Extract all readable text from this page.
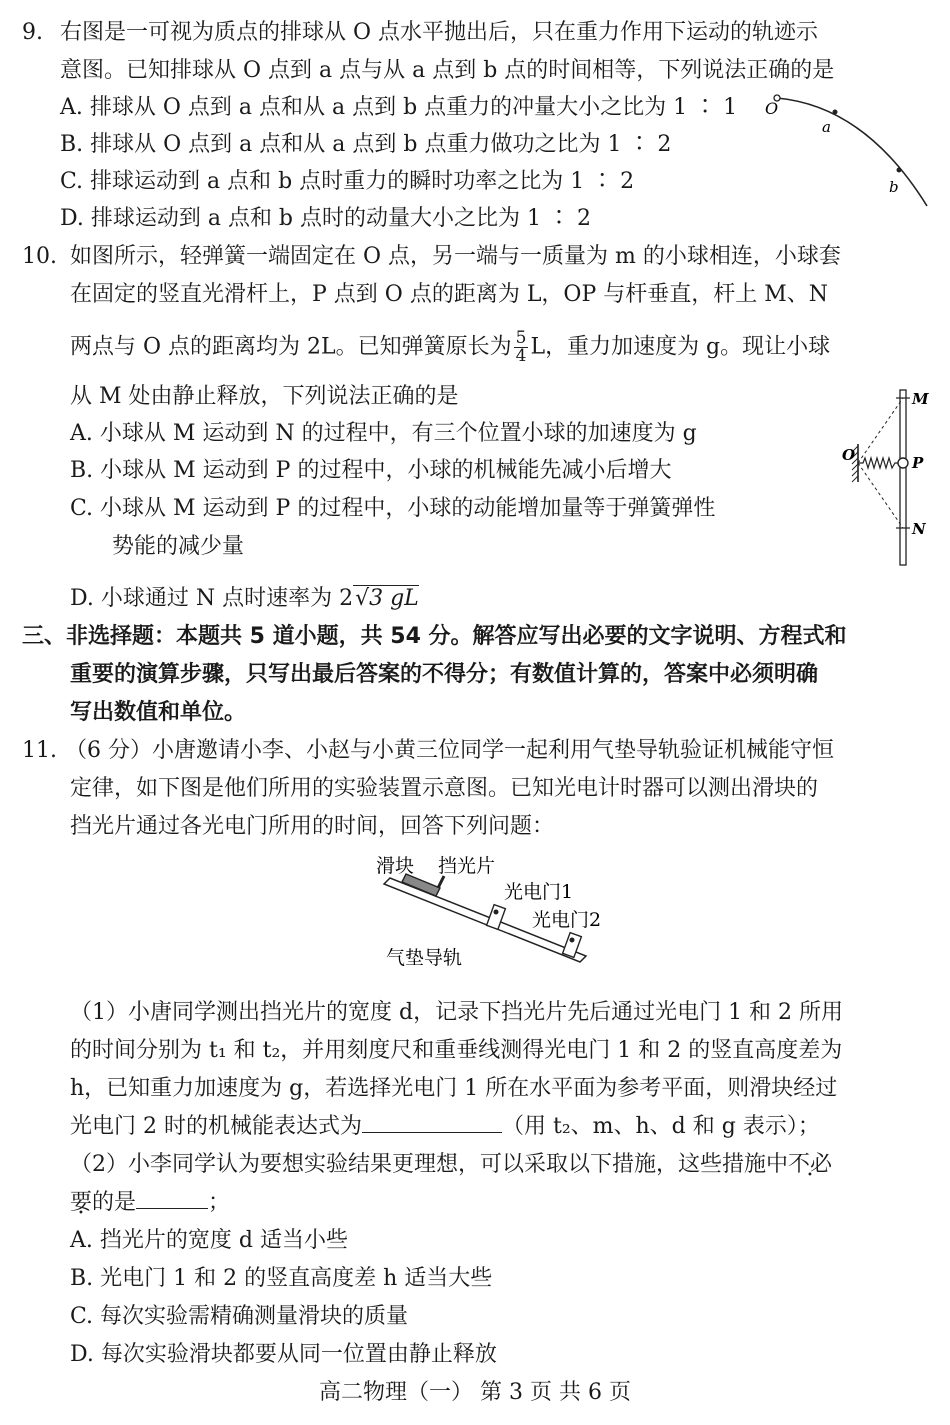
9. 右图是一可视为质点的排球从 O 点水平抛出后，只在重力作用下运动的轨迹示
意图。已知排球从 O 点到 a 点与从 a 点到 b 点的时间相等，下列说法正确的是
A. 排球从 O 点到 a 点和从 a 点到 b 点重力的冲量大小之比为 1 ∶ 1
B. 排球从 O 点到 a 点和从 a 点到 b 点重力做功之比为 1 ∶ 2
C. 排球运动到 a 点和 b 点时重力的瞬时功率之比为 1 ∶ 2
D. 排球运动到 a 点和 b 点时的动量大小之比为 1 ∶ 2
O
a
b
10. 如图所示，轻弹簧一端固定在 O 点，另一端与一质量为 m 的小球相连，小球套
在固定的竖直光滑杆上，P 点到 O 点的距离为 L，OP 与杆垂直，杆上 M、N
两点与 O 点的距离均为 2L。已知弹簧原长为 $\frac{5}{4}$ L，重力加速度为 g。现让小球
从 M 处由静止释放，下列说法正确的是
A. 小球从 M 运动到 N 的过程中，有三个位置小球的加速度为 g
B. 小球从 M 运动到 P 的过程中，小球的机械能先减小后增大
C. 小球从 M 运动到 P 的过程中，小球的动能增加量等于弹簧弹性
势能的减少量
D. 小球通过 N 点时速率为 2√3 gL
M
O	P
N
三、非选择题：本题共 5 道小题，共 54 分。解答应写出必要的文字说明、方程式和
重要的演算步骤，只写出最后答案的不得分；有数值计算的，答案中必须明确
写出数值和单位。
11. （6 分）小唐邀请小李、小赵与小黄三位同学一起利用气垫导轨验证机械能守恒
定律，如下图是他们所用的实验装置示意图。已知光电计时器可以测出滑块的
挡光片通过各光电门所用的时间，回答下列问题：
滑块 挡光片
光电门1
光电门2
气垫导轨
（1）小唐同学测出挡光片的宽度 d，记录下挡光片先后通过光电门 1 和 2 所用
的时间分别为 t₁ 和 t₂，并用刻度尺和重垂线测得光电门 1 和 2 的竖直高度差为
h，已知重力加速度为 g，若选择光电门 1 所在水平面为参考平面，则滑块经过
光电门 2 时的机械能表达式为	（用 t₂、m、h、d 和 g 表示）；
（2）小李同学认为要想实验结果更理想，可以采取以下措施，这些措施中不必
要的是	；
A. 挡光片的宽度 d 适当小些
B. 光电门 1 和 2 的竖直高度差 h 适当大些
C. 每次实验需精确测量滑块的质量
D. 每次实验滑块都要从同一位置由静止释放
高二物理（一） 第 3 页 共 6 页
